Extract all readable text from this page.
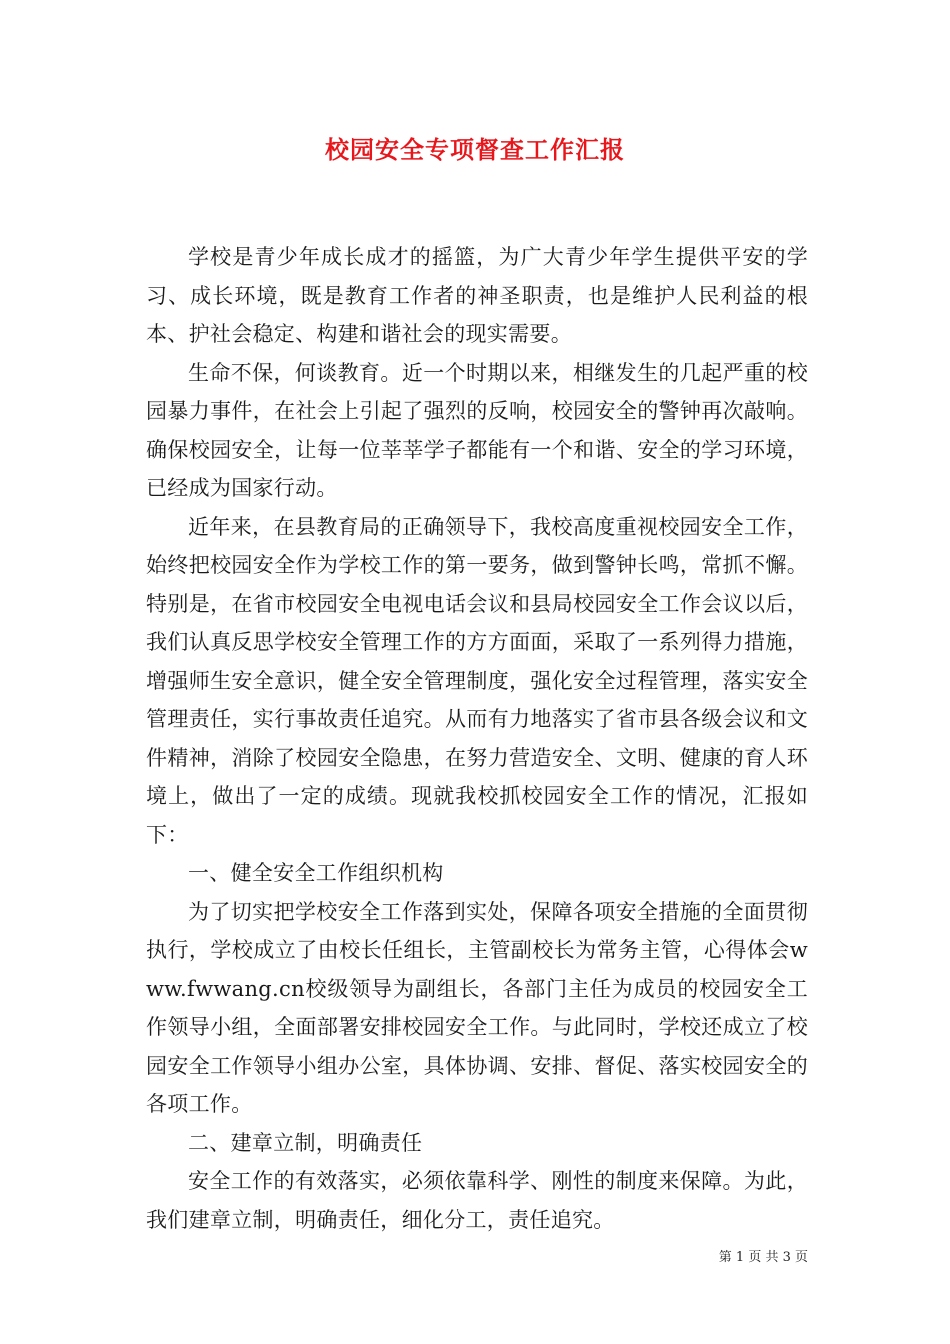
校园安全专项督查工作汇报

学校是青少年成长成才的摇篮，为广大青少年学生提供平安的学习、成长环境，既是教育工作者的神圣职责，也是维护人民利益的根本、护社会稳定、构建和谐社会的现实需要。

生命不保，何谈教育。近一个时期以来，相继发生的几起严重的校园暴力事件，在社会上引起了强烈的反响，校园安全的警钟再次敲响。确保校园安全，让每一位莘莘学子都能有一个和谐、安全的学习环境，已经成为国家行动。

近年来，在县教育局的正确领导下，我校高度重视校园安全工作，始终把校园安全作为学校工作的第一要务，做到警钟长鸣，常抓不懈。特别是，在省市校园安全电视电话会议和县局校园安全工作会议以后，我们认真反思学校安全管理工作的方方面面，采取了一系列得力措施，增强师生安全意识，健全安全管理制度，强化安全过程管理，落实安全管理责任，实行事故责任追究。从而有力地落实了省市县各级会议和文件精神，消除了校园安全隐患，在努力营造安全、文明、健康的育人环境上，做出了一定的成绩。现就我校抓校园安全工作的情况，汇报如下：

一、健全安全工作组织机构

为了切实把学校安全工作落到实处，保障各项安全措施的全面贯彻执行，学校成立了由校长任组长，主管副校长为常务主管，心得体会www.fwwang.cn校级领导为副组长，各部门主任为成员的校园安全工作领导小组，全面部署安排校园安全工作。与此同时，学校还成立了校园安全工作领导小组办公室，具体协调、安排、督促、落实校园安全的各项工作。

二、建章立制，明确责任

安全工作的有效落实，必须依靠科学、刚性的制度来保障。为此，我们建章立制，明确责任，细化分工，责任追究。

第 1 页 共 3 页
